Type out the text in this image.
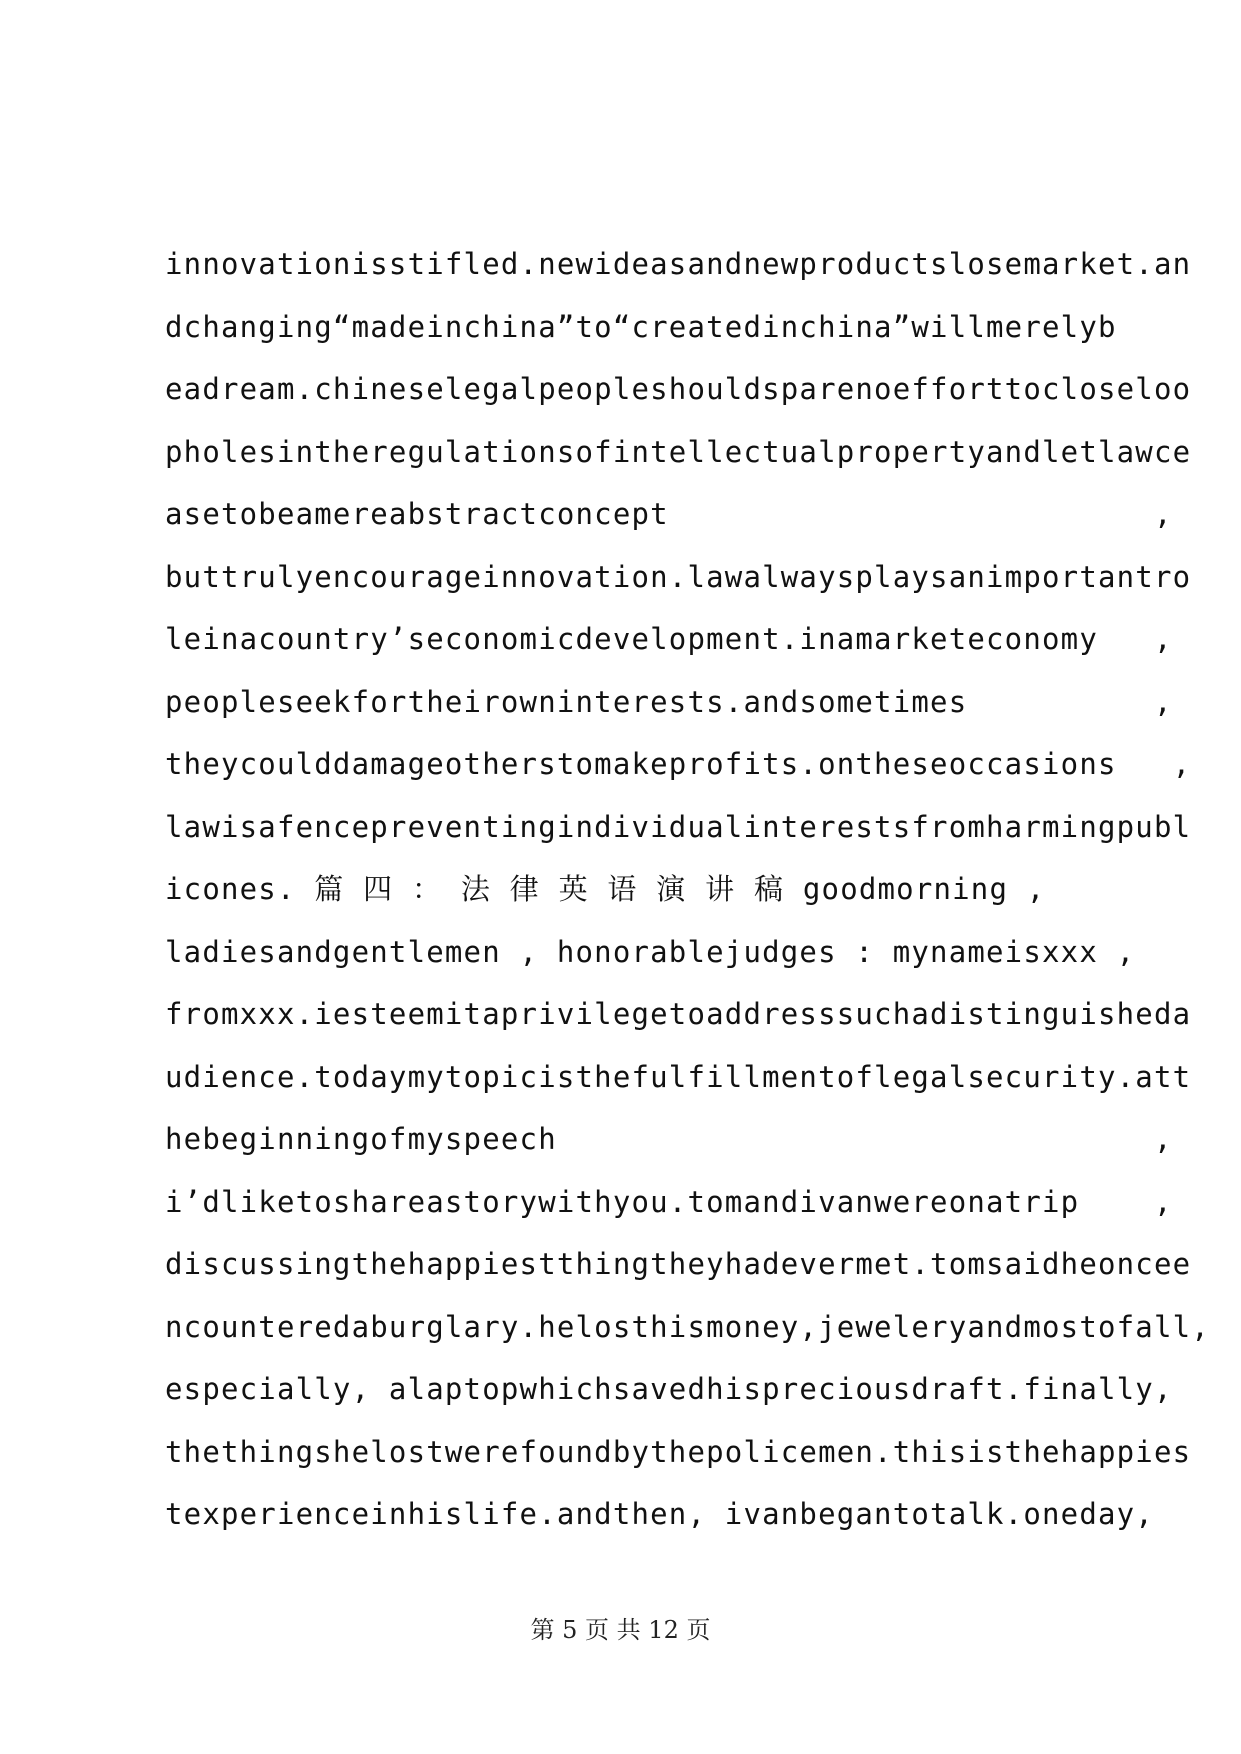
innovationisstifled.newideasandnewproductslosemarket.an
dchanging“madeinchina”to“createdinchina”willmerelyb
eadream.chineselegalpeopleshouldsparenoefforttocloseloo
pholesintheregulationsofintellectualpropertyandletlawce
asetobeamereabstractconcept                          ,
buttrulyencourageinnovation.lawalwaysplaysanimportantro
leinacountry’seconomicdevelopment.inamarketeconomy   ,
peopleseekfortheirowninterests.andsometimes          ,
theycoulddamageotherstomakeprofits.ontheseoccasions   ,
lawisafencepreventingindividualinterestsfromharmingpubl
icones. 篇 四 ： 法 律 英 语 演 讲 稿 goodmorning ,
ladiesandgentlemen , honorablejudges : mynameisxxx ,
fromxxx.iesteemitaprivilegetoaddresssuchadistinguisheda
udience.todaymytopicisthefulfillmentoflegalsecurity.att
hebeginningofmyspeech                                ,
i’dliketoshareastorywithyou.tomandivanwereonatrip    ,
discussingthehappiestthingtheyhadevermet.tomsaidheoncee
ncounteredaburglary.helosthismoney,jeweleryandmostofall,
especially, alaptopwhichsavedhispreciousdraft.finally,
thethingshelostwerefoundbythepolicemen.thisisthehappies
texperienceinhislife.andthen, ivanbegantotalk.oneday,
第 5 页 共 12 页
